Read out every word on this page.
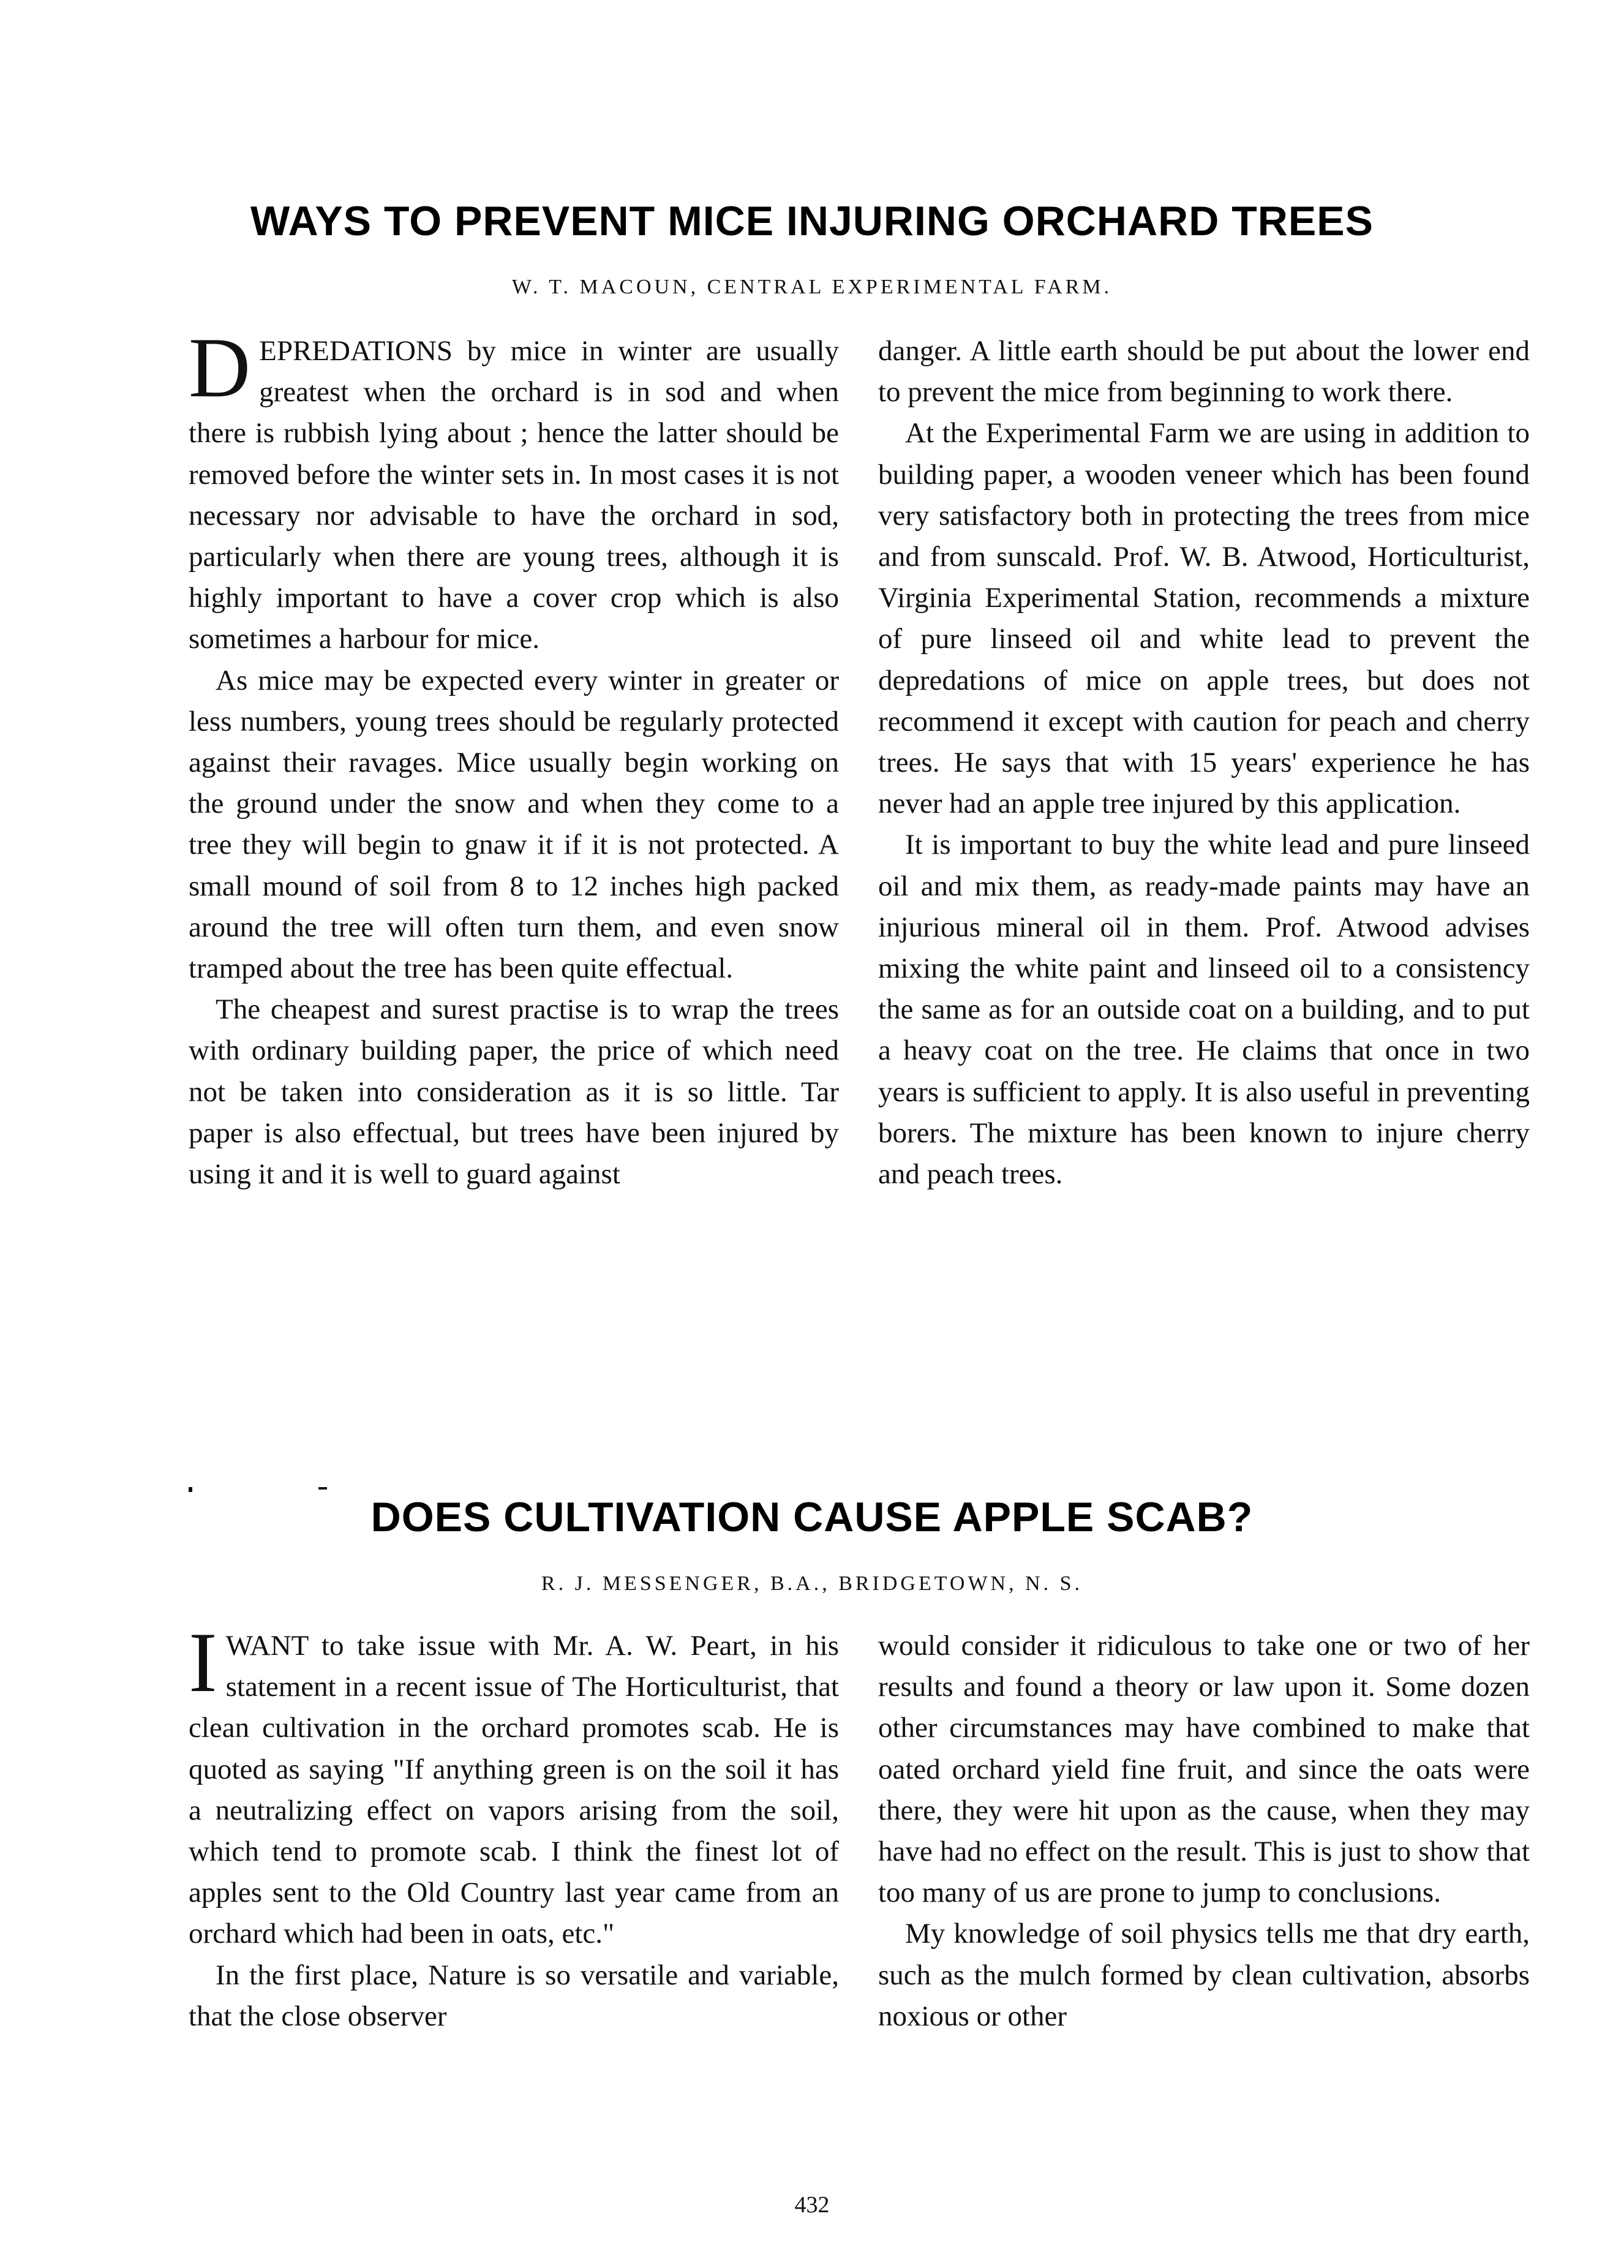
WAYS TO PREVENT MICE INJURING ORCHARD TREES
W. T. MACOUN, CENTRAL EXPERIMENTAL FARM.

DEPREDATIONS by mice in winter are usually greatest when the orchard is in sod and when there is rubbish lying about ; hence the latter should be removed before the winter sets in. In most cases it is not necessary nor advisable to have the orchard in sod, particularly when there are young trees, although it is highly important to have a cover crop which is also sometimes a harbour for mice.

As mice may be expected every winter in greater or less numbers, young trees should be regularly protected against their ravages. Mice usually begin working on the ground under the snow and when they come to a tree they will begin to gnaw it if it is not protected. A small mound of soil from 8 to 12 inches high packed around the tree will often turn them, and even snow tramped about the tree has been quite effectual.

The cheapest and surest practise is to wrap the trees with ordinary building paper, the price of which need not be taken into consideration as it is so little. Tar paper is also effectual, but trees have been injured by using it and it is well to guard against

danger. A little earth should be put about the lower end to prevent the mice from beginning to work there.

At the Experimental Farm we are using in addition to building paper, a wooden veneer which has been found very satisfactory both in protecting the trees from mice and from sunscald. Prof. W. B. Atwood, Horticulturist, Virginia Experimental Station, recommends a mixture of pure linseed oil and white lead to prevent the depredations of mice on apple trees, but does not recommend it except with caution for peach and cherry trees. He says that with 15 years' experience he has never had an apple tree injured by this application.

It is important to buy the white lead and pure linseed oil and mix them, as ready-made paints may have an injurious mineral oil in them. Prof. Atwood advises mixing the white paint and linseed oil to a consistency the same as for an outside coat on a building, and to put a heavy coat on the tree. He claims that once in two years is sufficient to apply. It is also useful in preventing borers. The mixture has been known to injure cherry and peach trees.

DOES CULTIVATION CAUSE APPLE SCAB?
R. J. MESSENGER, B.A., BRIDGETOWN, N. S.

IWANT to take issue with Mr. A. W. Peart, in his statement in a recent issue of The Horticulturist, that clean cultivation in the orchard promotes scab. He is quoted as saying "If anything green is on the soil it has a neutralizing effect on vapors arising from the soil, which tend to promote scab. I think the finest lot of apples sent to the Old Country last year came from an orchard which had been in oats, etc."

In the first place, Nature is so versatile and variable, that the close observer

would consider it ridiculous to take one or two of her results and found a theory or law upon it. Some dozen other circumstances may have combined to make that oated orchard yield fine fruit, and since the oats were there, they were hit upon as the cause, when they may have had no effect on the result. This is just to show that too many of us are prone to jump to conclusions.

My knowledge of soil physics tells me that dry earth, such as the mulch formed by clean cultivation, absorbs noxious or other

432
